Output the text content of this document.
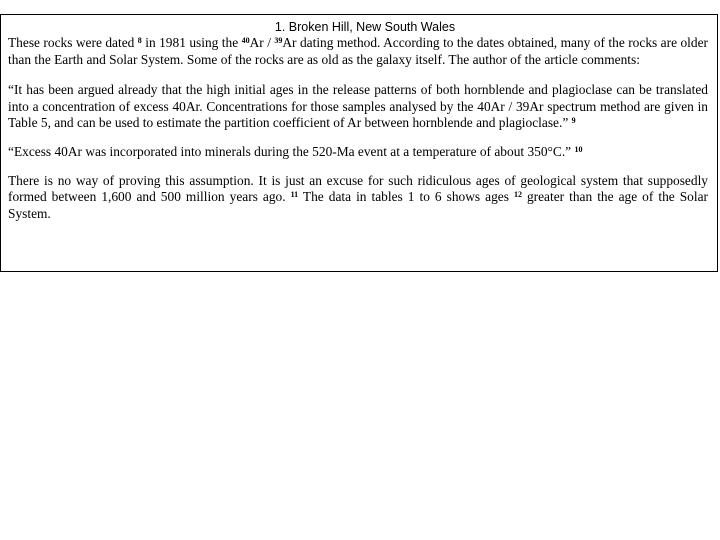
1. Broken Hill, New South Wales

These rocks were dated $^8$ in 1981 using the $^{40}$Ar / $^{39}$Ar dating method. According to the dates obtained, many of the rocks are older than the Earth and Solar System. Some of the rocks are as old as the galaxy itself. The author of the article comments:

“It has been argued already that the high initial ages in the release patterns of both hornblende and plagioclase can be translated into a concentration of excess 40Ar. Concentrations for those samples analysed by the 40Ar / 39Ar spectrum method are given in Table 5, and can be used to estimate the partition coefficient of Ar between hornblende and plagioclase.” $^9$

“Excess 40Ar was incorporated into minerals during the 520-Ma event at a temperature of about 350°C.” $^{10}$

There is no way of proving this assumption. It is just an excuse for such ridiculous ages of geological system that supposedly formed between 1,600 and 500 million years ago. $^{11}$ The data in tables 1 to 6 shows ages $^{12}$ greater than the age of the Solar System.
